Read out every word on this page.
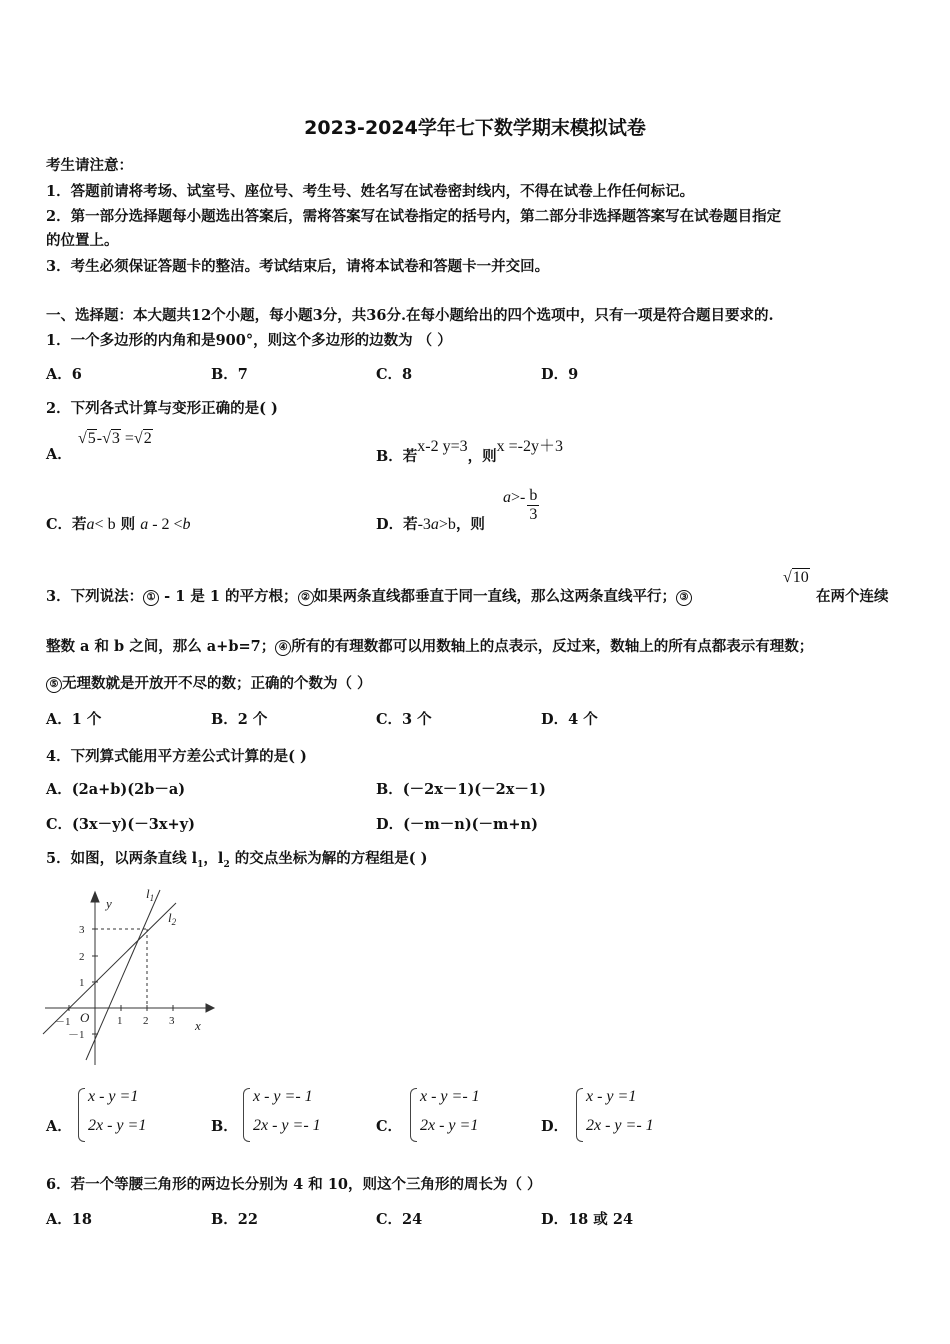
2023-2024学年七下数学期末模拟试卷
考生请注意：
1．答题前请将考场、试室号、座位号、考生号、姓名写在试卷密封线内，不得在试卷上作任何标记。
2．第一部分选择题每小题选出答案后，需将答案写在试卷指定的括号内，第二部分非选择题答案写在试卷题目指定
的位置上。
3．考生必须保证答题卡的整洁。考试结束后，请将本试卷和答题卡一并交回。
一、选择题：本大题共12个小题，每小题3分，共36分.在每小题给出的四个选项中，只有一项是符合题目要求的.
1．一个多边形的内角和是900°，则这个多边形的边数为 （ ）
A．6	B．7	C．8	D．9
2．下列各式计算与变形正确的是( )
A．
√5-√3 =√2
B．若x-2 y=3，则x =-2y＋3
C．若a< b 则 a - 2 <b	D．若-3a>b，则
$a>- \frac{b}{3}$
3．下列说法： ① - 1 是 1 的平方根； ② 如果两条直线都垂直于同一直线，那么这两条直线平行； ③
√10
在两个连续
整数 a 和 b 之间，那么 a+b=7； ④ 所有的有理数都可以用数轴上的点表示，反过来，数轴上的所有点都表示有理数；
⑤ 无理数就是开放开不尽的数；正确的个数为（ ）
A．1 个	B．2 个	C．3 个	D．4 个
4．下列算式能用平方差公式计算的是( )
A．(2a+b)(2b－a)	B．(－2x－1)(－2x－1)
C．(3x－y)(－3x+y)	D．(－m－n)(－m+n)
5．如图，以两条直线 $l_1$，$l_2$ 的交点坐标为解的方程组是( )
y
x
O
$l_1$
$l_2$
3
2
1
－1
－1	1 2 3
A．
x - y =1
2x - y =1	B．
x - y =- 1
2x - y =- 1	C．
x - y =- 1
2x - y =1	D．
x - y =1
2x - y =- 1
6．若一个等腰三角形的两边长分别为 4 和 10，则这个三角形的周长为（ ）
A．18	B．22	C．24	D．18 或 24
